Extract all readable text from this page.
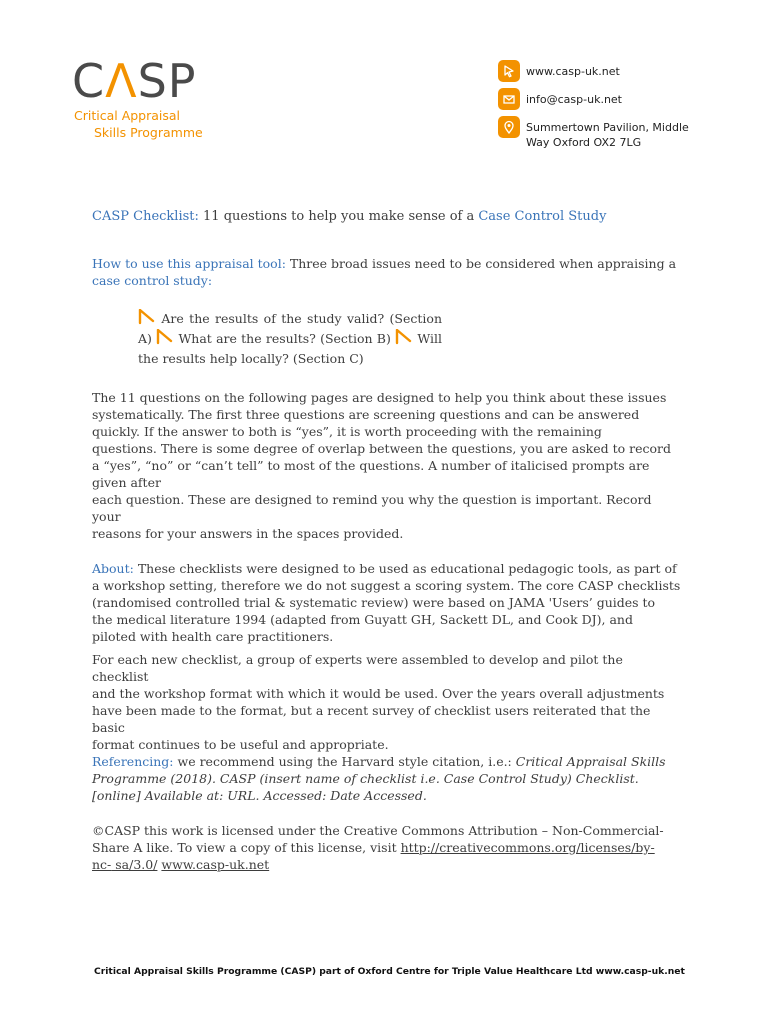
CΛSP
Critical Appraisal
Skills Programme
www.casp-uk.net
info@casp-uk.net
Summertown Pavilion, Middle
Way Oxford OX2 7LG

CASP Checklist: 11 questions to help you make sense of a Case Control Study

How to use this appraisal tool: Three broad issues need to be considered when appraising a
case control study:

Are the results of the study valid? (Section A) What are the results? (Section B) Will the results help locally? (Section C)

The 11 questions on the following pages are designed to help you think about these issues
systematically. The first three questions are screening questions and can be answered
quickly. If the answer to both is “yes”, it is worth proceeding with the remaining
questions. There is some degree of overlap between the questions, you are asked to record
a “yes”, “no” or “can’t tell” to most of the questions. A number of italicised prompts are
given after
each question. These are designed to remind you why the question is important. Record your
reasons for your answers in the spaces provided.

About: These checklists were designed to be used as educational pedagogic tools, as part of
a workshop setting, therefore we do not suggest a scoring system. The core CASP checklists
(randomised controlled trial & systematic review) were based on JAMA 'Users’ guides to
the medical literature 1994 (adapted from Guyatt GH, Sackett DL, and Cook DJ), and
piloted with health care practitioners.

For each new checklist, a group of experts were assembled to develop and pilot the checklist
and the workshop format with which it would be used. Over the years overall adjustments
have been made to the format, but a recent survey of checklist users reiterated that the basic
format continues to be useful and appropriate.

Referencing: we recommend using the Harvard style citation, i.e.: Critical Appraisal Skills
Programme (2018). CASP (insert name of checklist i.e. Case Control Study) Checklist.
[online] Available at: URL. Accessed: Date Accessed.

©CASP this work is licensed under the Creative Commons Attribution – Non-Commercial-
Share A like. To view a copy of this license, visit http://creativecommons.org/licenses/by-
nc- sa/3.0/ www.casp-uk.net

Critical Appraisal Skills Programme (CASP) part of Oxford Centre for Triple Value Healthcare Ltd www.casp-uk.net
